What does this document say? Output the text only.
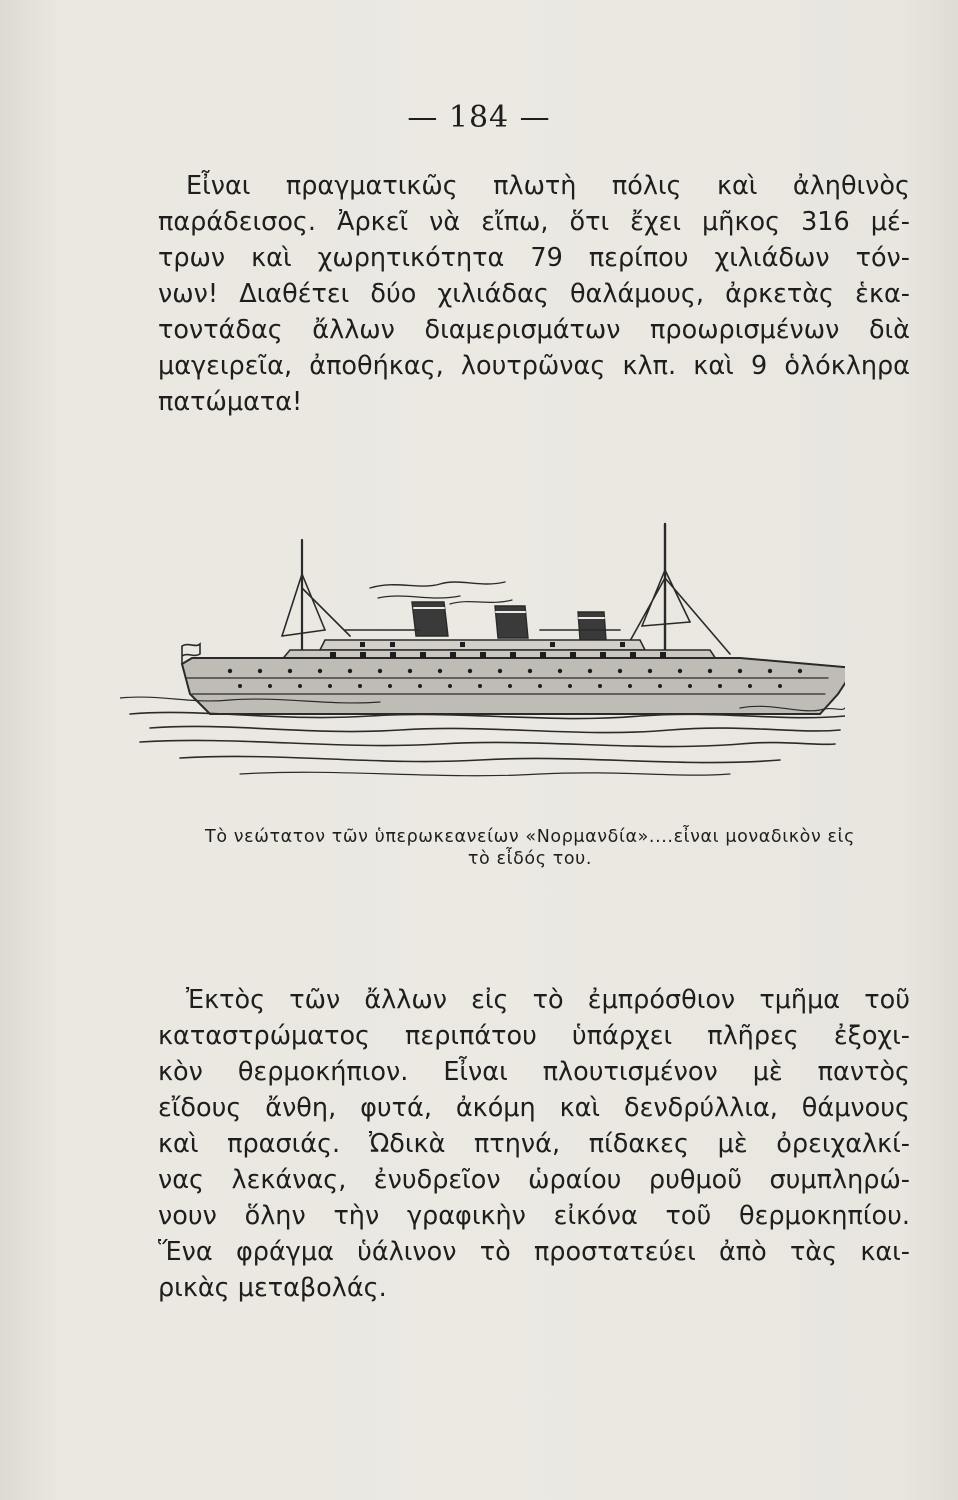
— 184 —

Εἶναι πραγματικῶς πλωτὴ πόλις καὶ ἀληθινὸς
παράδεισος. Ἀρκεῖ νὰ εἴπω, ὅτι ἔχει μῆκος 316 μέ-
τρων καὶ χωρητικότητα 79 περίπου χιλιάδων τόν-
νων! Διαθέτει δύο χιλιάδας θαλάμους, ἀρκετὰς ἑκα-
τοντάδας ἄλλων διαμερισμάτων προωρισμένων διὰ
μαγειρεῖα, ἀποθήκας, λουτρῶνας κλπ. καὶ 9 ὁλόκληρα
πατώματα!

Τὸ νεώτατον τῶν ὑπερωκεανείων «Νορμανδία»....εἶναι μοναδικὸν εἰς
τὸ εἶδός του.

Ἐκτὸς τῶν ἄλλων εἰς τὸ ἐμπρόσθιον τμῆμα τοῦ
καταστρώματος περιπάτου ὑπάρχει πλῆρες ἐξοχι-
κὸν θερμοκήπιον. Εἶναι πλουτισμένον μὲ παντὸς
εἴδους ἄνθη, φυτά, ἀκόμη καὶ δενδρύλλια, θάμνους
καὶ πρασιάς. Ὠδικὰ πτηνά, πίδακες μὲ ὀρειχαλκί-
νας λεκάνας, ἐνυδρεῖον ὡραίου ρυθμοῦ συμπληρώ-
νουν ὅλην τὴν γραφικὴν εἰκόνα τοῦ θερμοκηπίου.
Ἕνα φράγμα ὑάλινον τὸ προστατεύει ἀπὸ τὰς και-
ρικὰς μεταβολάς.
